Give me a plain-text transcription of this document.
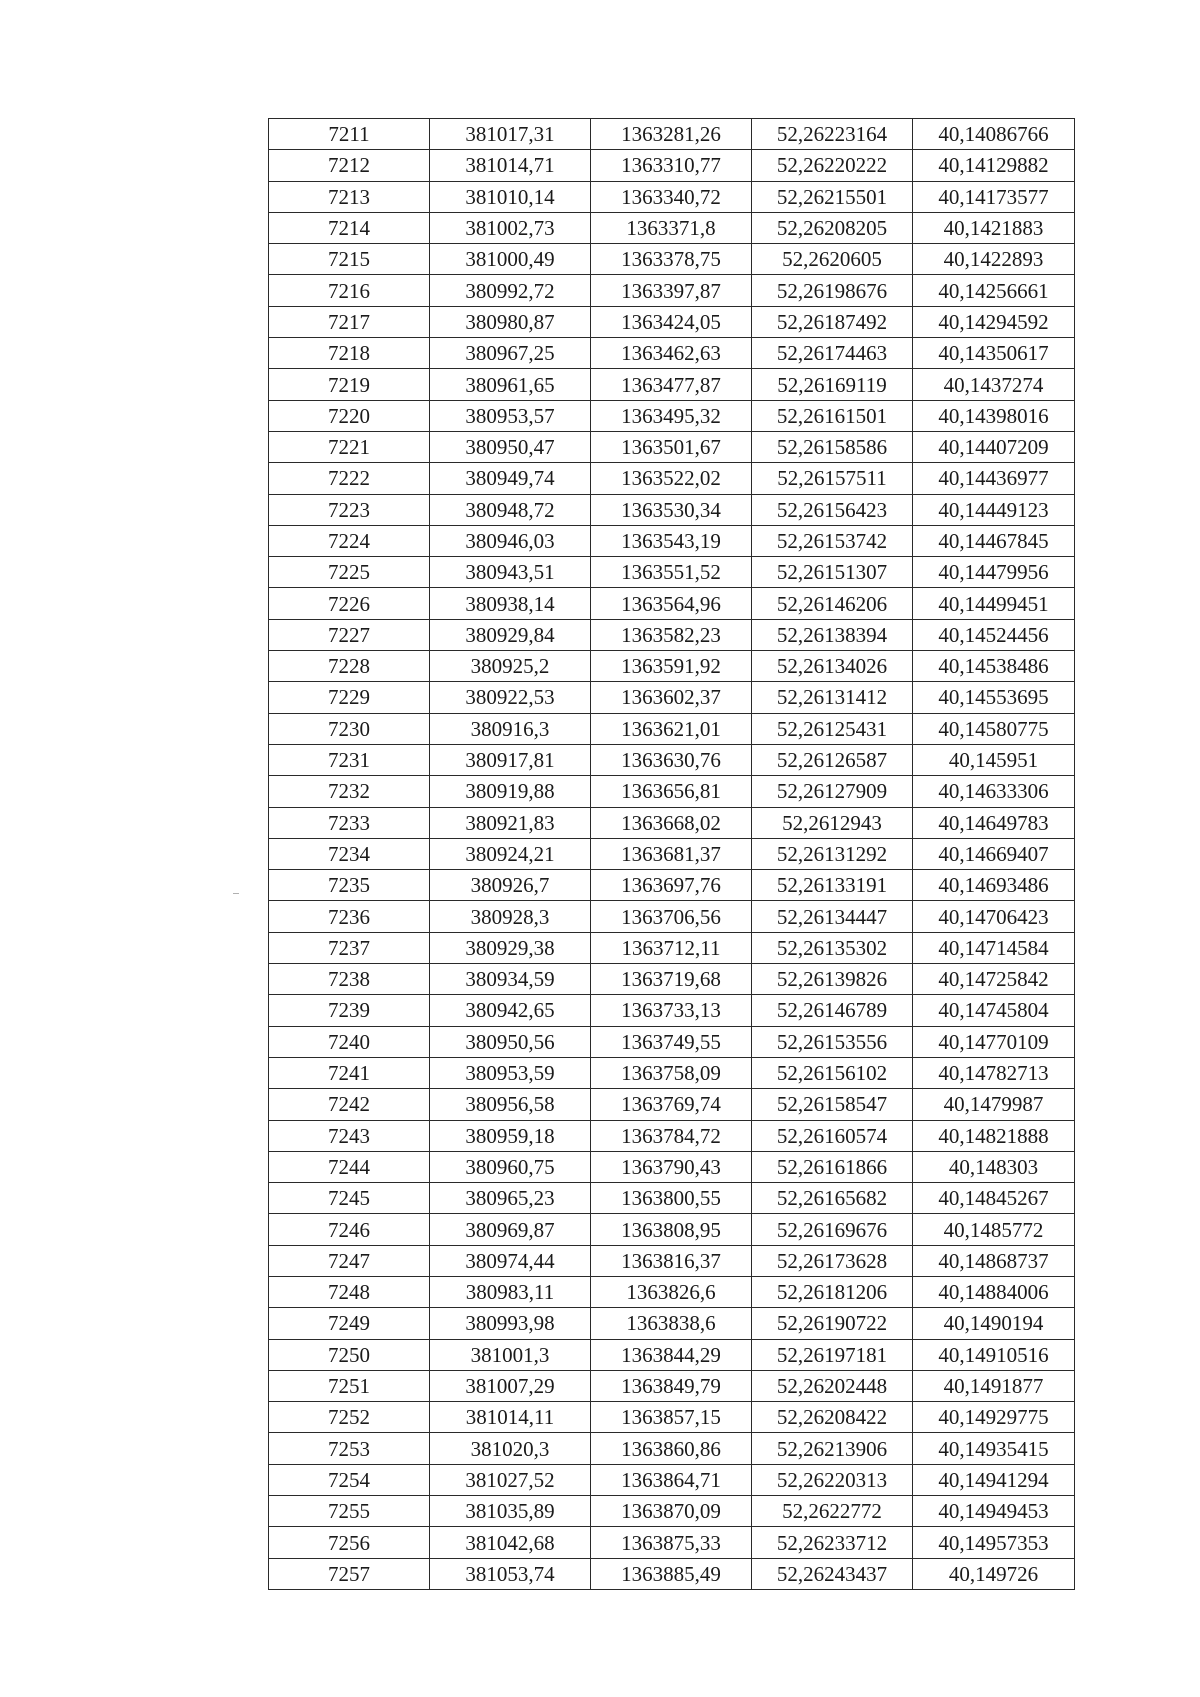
7211	381017,31	1363281,26	52,26223164	40,14086766
7212	381014,71	1363310,77	52,26220222	40,14129882
7213	381010,14	1363340,72	52,26215501	40,14173577
7214	381002,73	1363371,8	52,26208205	40,1421883
7215	381000,49	1363378,75	52,2620605	40,1422893
7216	380992,72	1363397,87	52,26198676	40,14256661
7217	380980,87	1363424,05	52,26187492	40,14294592
7218	380967,25	1363462,63	52,26174463	40,14350617
7219	380961,65	1363477,87	52,26169119	40,1437274
7220	380953,57	1363495,32	52,26161501	40,14398016
7221	380950,47	1363501,67	52,26158586	40,14407209
7222	380949,74	1363522,02	52,26157511	40,14436977
7223	380948,72	1363530,34	52,26156423	40,14449123
7224	380946,03	1363543,19	52,26153742	40,14467845
7225	380943,51	1363551,52	52,26151307	40,14479956
7226	380938,14	1363564,96	52,26146206	40,14499451
7227	380929,84	1363582,23	52,26138394	40,14524456
7228	380925,2	1363591,92	52,26134026	40,14538486
7229	380922,53	1363602,37	52,26131412	40,14553695
7230	380916,3	1363621,01	52,26125431	40,14580775
7231	380917,81	1363630,76	52,26126587	40,145951
7232	380919,88	1363656,81	52,26127909	40,14633306
7233	380921,83	1363668,02	52,2612943	40,14649783
7234	380924,21	1363681,37	52,26131292	40,14669407
7235	380926,7	1363697,76	52,26133191	40,14693486
7236	380928,3	1363706,56	52,26134447	40,14706423
7237	380929,38	1363712,11	52,26135302	40,14714584
7238	380934,59	1363719,68	52,26139826	40,14725842
7239	380942,65	1363733,13	52,26146789	40,14745804
7240	380950,56	1363749,55	52,26153556	40,14770109
7241	380953,59	1363758,09	52,26156102	40,14782713
7242	380956,58	1363769,74	52,26158547	40,1479987
7243	380959,18	1363784,72	52,26160574	40,14821888
7244	380960,75	1363790,43	52,26161866	40,148303
7245	380965,23	1363800,55	52,26165682	40,14845267
7246	380969,87	1363808,95	52,26169676	40,1485772
7247	380974,44	1363816,37	52,26173628	40,14868737
7248	380983,11	1363826,6	52,26181206	40,14884006
7249	380993,98	1363838,6	52,26190722	40,1490194
7250	381001,3	1363844,29	52,26197181	40,14910516
7251	381007,29	1363849,79	52,26202448	40,1491877
7252	381014,11	1363857,15	52,26208422	40,14929775
7253	381020,3	1363860,86	52,26213906	40,14935415
7254	381027,52	1363864,71	52,26220313	40,14941294
7255	381035,89	1363870,09	52,2622772	40,14949453
7256	381042,68	1363875,33	52,26233712	40,14957353
7257	381053,74	1363885,49	52,26243437	40,149726
